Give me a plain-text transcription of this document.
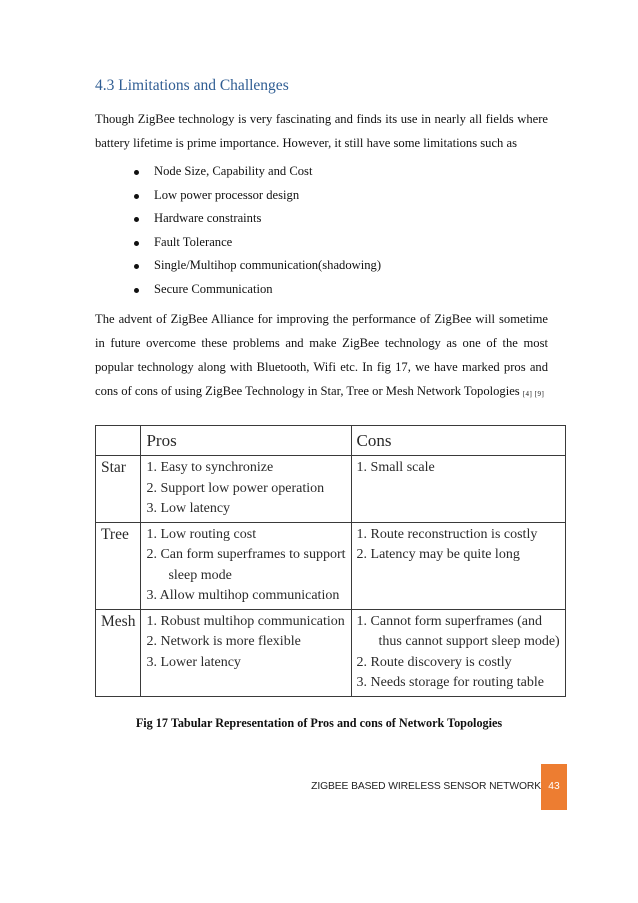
4.3 Limitations and Challenges
Though ZigBee technology is very fascinating and finds its use in nearly all fields where
battery lifetime is prime importance. However, it still have some limitations such as
Node Size, Capability and Cost
Low power processor design
Hardware constraints
Fault Tolerance
Single/Multihop communication(shadowing)
Secure Communication
The advent of ZigBee Alliance for improving the performance of ZigBee will sometime
in future overcome these problems and make ZigBee technology as one of the most
popular technology along with Bluetooth, Wifi etc. In fig 17, we have marked pros and
cons of cons of using ZigBee Technology in Star, Tree or Mesh Network Topologies [4] [9]
	Pros	Cons
Star	1. Easy to synchronize
2. Support low power operation
3. Low latency	1. Small scale

Tree	1. Low routing cost
2. Can form superframes to support
sleep mode
3. Allow multihop communication	1. Route reconstruction is costly
2. Latency may be quite long

Mesh	1. Robust multihop communication
2. Network is more flexible
3. Lower latency	1. Cannot form superframes (and
thus cannot support sleep mode)
2. Route discovery is costly
3. Needs storage for routing table
Fig 17 Tabular Representation of Pros and cons of Network Topologies
ZIGBEE BASED WIRELESS SENSOR NETWORK 43
